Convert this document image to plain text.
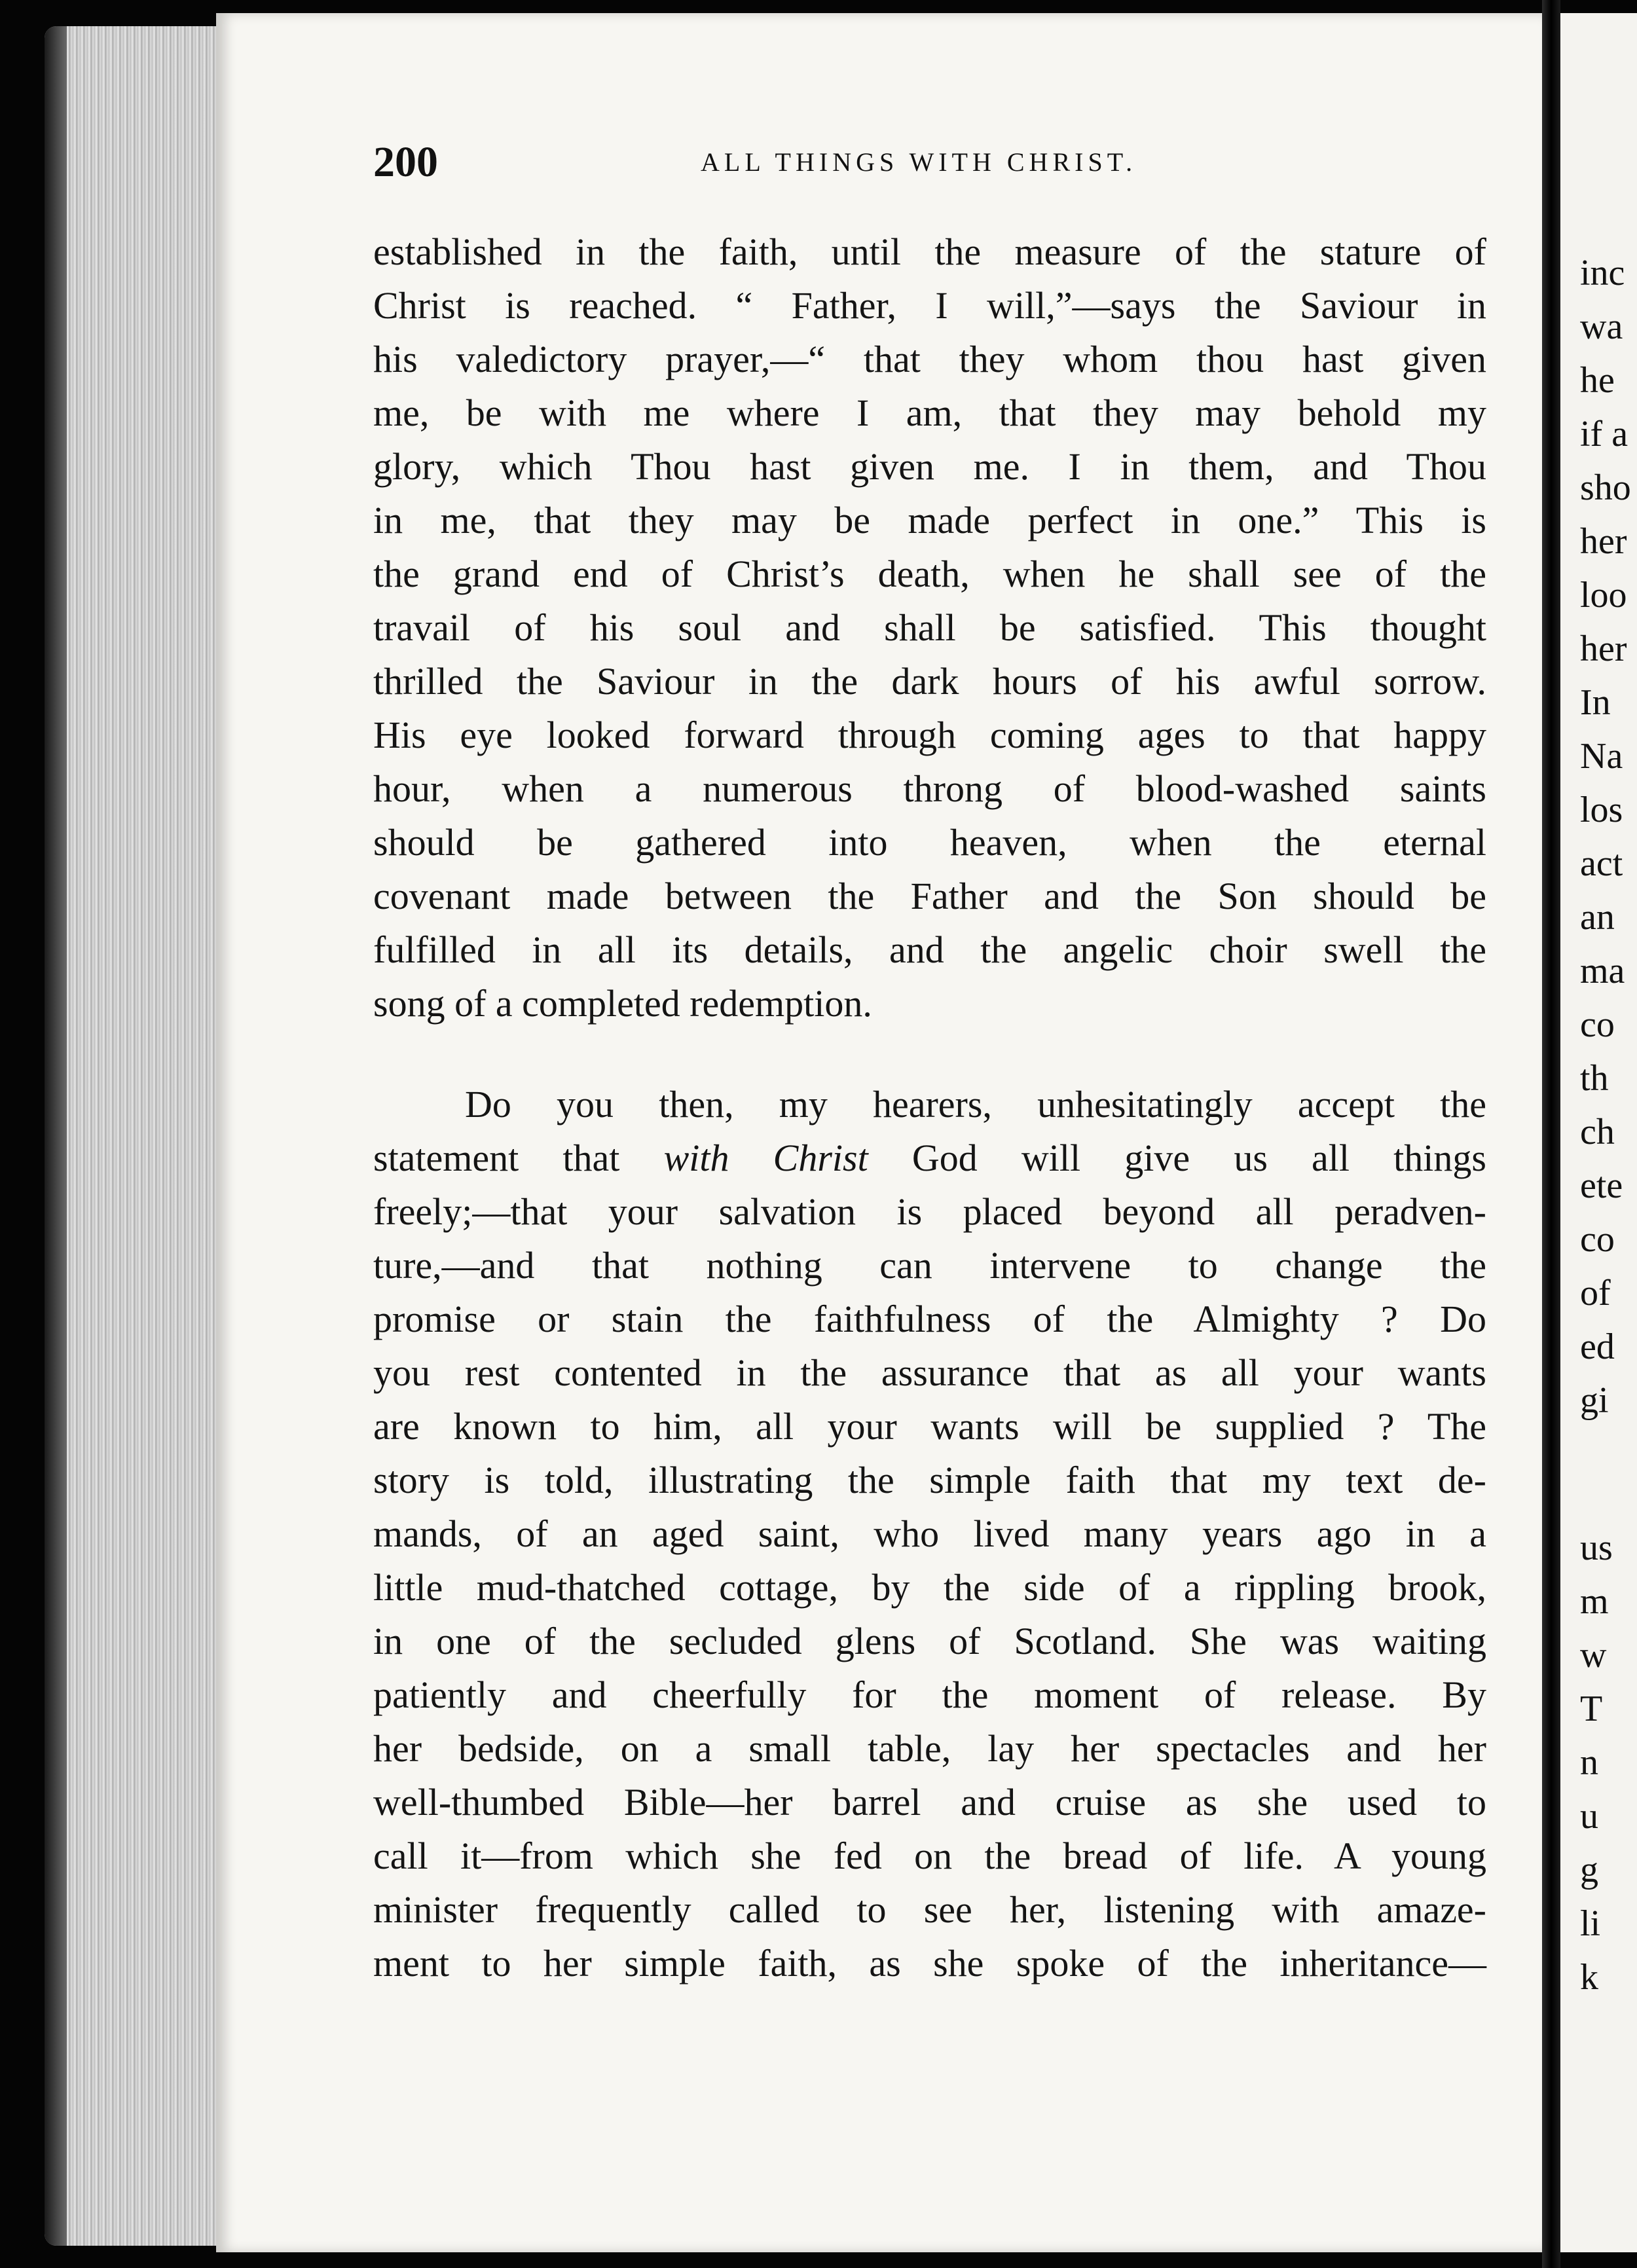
inc
wa
he
if a
sho
her
loo
her
In
Na
los
act
an
ma
co
th
ch
ete
co
of
ed
gi
us
m
w
T
n
u
g
li
k
200	ALL THINGS WITH CHRIST.
established in the faith, until the measure of the stature of
Christ is reached. “ Father, I will,”—says the Saviour in
his valedictory prayer,—“ that they whom thou hast given
me, be with me where I am, that they may behold my
glory, which Thou hast given me. I in them, and Thou
in me, that they may be made perfect in one.” This is
the grand end of Christ’s death, when he shall see of the
travail of his soul and shall be satisfied. This thought
thrilled the Saviour in the dark hours of his awful sorrow.
His eye looked forward through coming ages to that happy
hour, when a numerous throng of blood-washed saints
should be gathered into heaven, when the eternal
covenant made between the Father and the Son should be
fulfilled in all its details, and the angelic choir swell the
song of a completed redemption.
Do you then, my hearers, unhesitatingly accept the
statement that with Christ God will give us all things
freely;—that your salvation is placed beyond all peradven-
ture,—and that nothing can intervene to change the
promise or stain the faithfulness of the Almighty ? Do
you rest contented in the assurance that as all your wants
are known to him, all your wants will be supplied ? The
story is told, illustrating the simple faith that my text de-
mands, of an aged saint, who lived many years ago in a
little mud-thatched cottage, by the side of a rippling brook,
in one of the secluded glens of Scotland. She was waiting
patiently and cheerfully for the moment of release. By
her bedside, on a small table, lay her spectacles and her
well-thumbed Bible—her barrel and cruise as she used to
call it—from which she fed on the bread of life. A young
minister frequently called to see her, listening with amaze-
ment to her simple faith, as she spoke of the inheritance—
